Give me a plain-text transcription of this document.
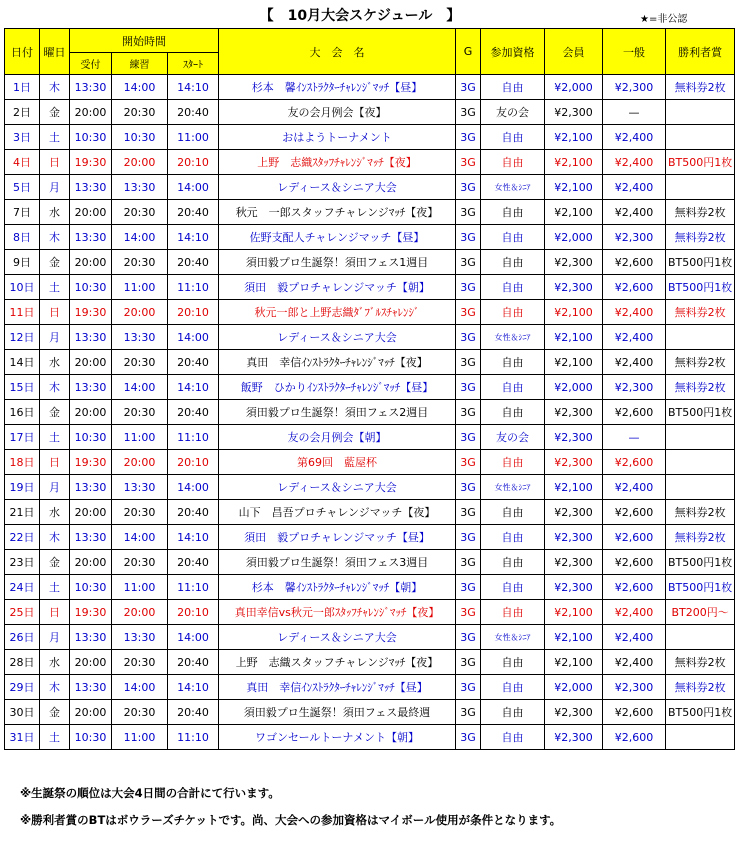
【　10月大会スケジュール　】	★=非公認
日付	曜日	開始時間			大　会　名	G	参加資格	会員	一般	勝利者賞
		受付	練習	ｽﾀｰﾄ						
1日	木	13:30	14:00	14:10	杉本　馨ｲﾝｽﾄﾗｸﾀｰﾁｬﾚﾝｼﾞﾏｯﾁ【昼】	3G	自由	¥2,000	¥2,300	無料券2枚
2日	金	20:00	20:30	20:40	友の会月例会【夜】	3G	友の会	¥2,300	—	
3日	土	10:30	10:30	11:00	おはようトーナメント	3G	自由	¥2,100	¥2,400	
4日	日	19:30	20:00	20:10	上野　志織ｽﾀｯﾌﾁｬﾚﾝｼﾞﾏｯﾁ【夜】	3G	自由	¥2,100	¥2,400	BT500円1枚
5日	月	13:30	13:30	14:00	レディース＆シニア大会	3G	女性＆ｼﾆｱ	¥2,100	¥2,400	
7日	水	20:00	20:30	20:40	秋元　一郎スタッフチャレンジﾏｯﾁ【夜】	3G	自由	¥2,100	¥2,400	無料券2枚
8日	木	13:30	14:00	14:10	佐野支配人チャレンジマッチ【昼】	3G	自由	¥2,000	¥2,300	無料券2枚
9日	金	20:00	20:30	20:40	須田毅プロ生誕祭！須田フェス1週目	3G	自由	¥2,300	¥2,600	BT500円1枚
10日	土	10:30	11:00	11:10	須田　毅プロチャレンジマッチ【朝】	3G	自由	¥2,300	¥2,600	BT500円1枚
11日	日	19:30	20:00	20:10	秋元一郎と上野志織ﾀﾞﾌﾞﾙｽﾁｬﾚﾝｼﾞ	3G	自由	¥2,100	¥2,400	無料券2枚
12日	月	13:30	13:30	14:00	レディース＆シニア大会	3G	女性＆ｼﾆｱ	¥2,100	¥2,400	
14日	水	20:00	20:30	20:40	真田　幸信ｲﾝｽﾄﾗｸﾀｰﾁｬﾚﾝｼﾞﾏｯﾁ【夜】	3G	自由	¥2,100	¥2,400	無料券2枚
15日	木	13:30	14:00	14:10	飯野　ひかりｲﾝｽﾄﾗｸﾀｰﾁｬﾚﾝｼﾞﾏｯﾁ【昼】	3G	自由	¥2,000	¥2,300	無料券2枚
16日	金	20:00	20:30	20:40	須田毅プロ生誕祭！須田フェス2週目	3G	自由	¥2,300	¥2,600	BT500円1枚
17日	土	10:30	11:00	11:10	友の会月例会【朝】	3G	友の会	¥2,300	—	
18日	日	19:30	20:00	20:10	第69回　藍屋杯	3G	自由	¥2,300	¥2,600	
19日	月	13:30	13:30	14:00	レディース＆シニア大会	3G	女性＆ｼﾆｱ	¥2,100	¥2,400	
21日	水	20:00	20:30	20:40	山下　昌吾プロチャレンジマッチ【夜】	3G	自由	¥2,300	¥2,600	無料券2枚
22日	木	13:30	14:00	14:10	須田　毅プロチャレンジマッチ【昼】	3G	自由	¥2,300	¥2,600	無料券2枚
23日	金	20:00	20:30	20:40	須田毅プロ生誕祭！須田フェス3週目	3G	自由	¥2,300	¥2,600	BT500円1枚
24日	土	10:30	11:00	11:10	杉本　馨ｲﾝｽﾄﾗｸﾀｰﾁｬﾚﾝｼﾞﾏｯﾁ【朝】	3G	自由	¥2,300	¥2,600	BT500円1枚
25日	日	19:30	20:00	20:10	真田幸信vs秋元一郎ｽﾀｯﾌﾁｬﾚﾝｼﾞﾏｯﾁ【夜】	3G	自由	¥2,100	¥2,400	BT200円～
26日	月	13:30	13:30	14:00	レディース＆シニア大会	3G	女性＆ｼﾆｱ	¥2,100	¥2,400	
28日	水	20:00	20:30	20:40	上野　志織スタッフチャレンジﾏｯﾁ【夜】	3G	自由	¥2,100	¥2,400	無料券2枚
29日	木	13:30	14:00	14:10	真田　幸信ｲﾝｽﾄﾗｸﾀｰﾁｬﾚﾝｼﾞﾏｯﾁ【昼】	3G	自由	¥2,000	¥2,300	無料券2枚
30日	金	20:00	20:30	20:40	須田毅プロ生誕祭！須田フェス最終週	3G	自由	¥2,300	¥2,600	BT500円1枚
31日	土	10:30	11:00	11:10	ワゴンセールトーナメント【朝】	3G	自由	¥2,300	¥2,600	
※生誕祭の順位は大会4日間の合計にて行います。
※勝利者賞のBTはボウラーズチケットです。尚、大会への参加資格はマイボール使用が条件となります。
